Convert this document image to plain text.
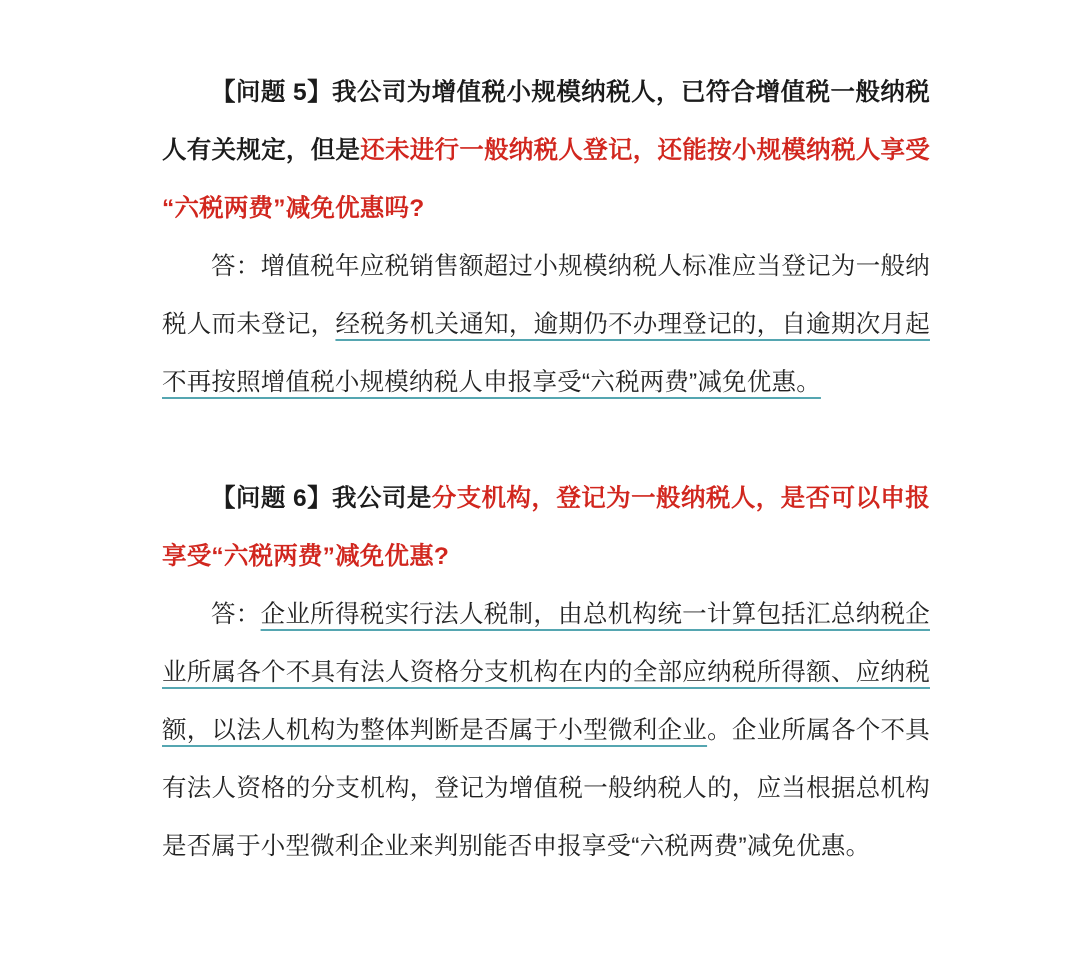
【问题 5】我公司为增值税小规模纳税人，已符合增值税一般纳税人有关规定，但是还未进行一般纳税人登记，还能按小规模纳税人享受“六税两费”减免优惠吗?

答：增值税年应税销售额超过小规模纳税人标准应当登记为一般纳税人而未登记，经税务机关通知，逾期仍不办理登记的，自逾期次月起不再按照增值税小规模纳税人申报享受“六税两费”减免优惠。

【问题 6】我公司是分支机构，登记为一般纳税人，是否可以申报享受“六税两费”减免优惠?

答：企业所得税实行法人税制，由总机构统一计算包括汇总纳税企业所属各个不具有法人资格分支机构在内的全部应纳税所得额、应纳税额，以法人机构为整体判断是否属于小型微利企业。企业所属各个不具有法人资格的分支机构，登记为增值税一般纳税人的，应当根据总机构是否属于小型微利企业来判别能否申报享受“六税两费”减免优惠。
